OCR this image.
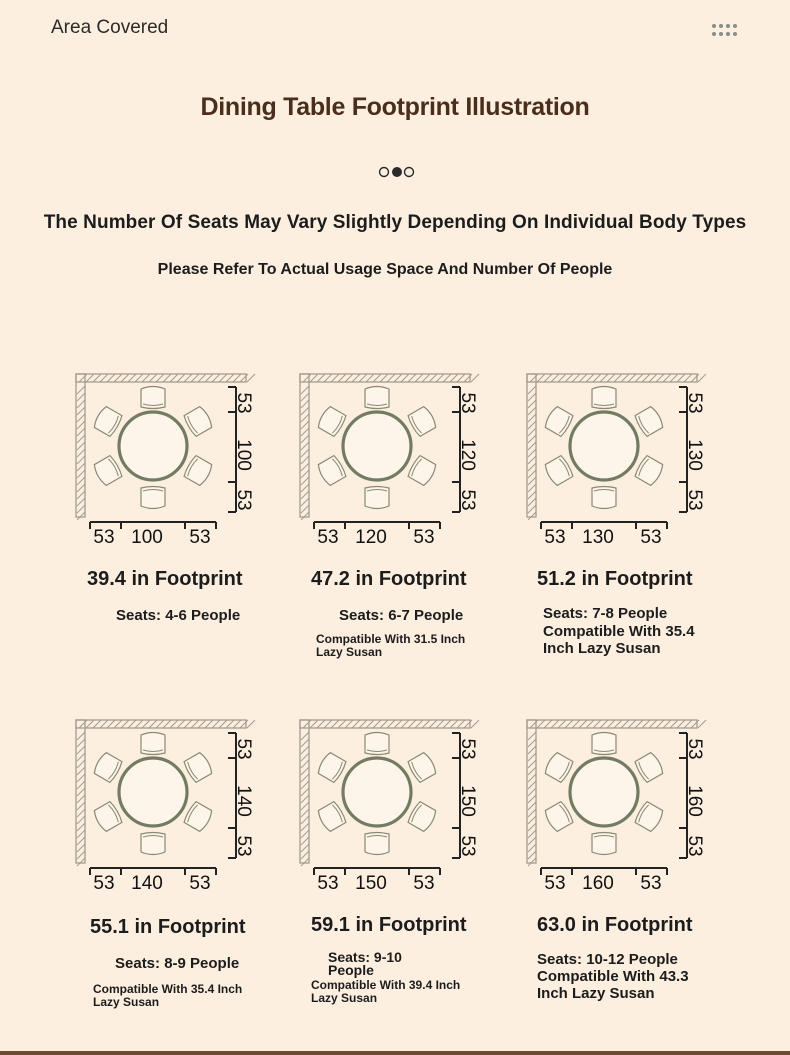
Area Covered
Dining Table Footprint Illustration
The Number Of Seats May Vary Slightly Depending On Individual Body Types
Please Refer To Actual Usage Space And Number Of People
53
100
53
53 100 53
39.4 in Footprint
Seats: 4-6 People
53
120
53
53 120 53
47.2 in Footprint
Seats: 6-7 People
Compatible With 31.5 Inch Lazy Susan
53
130
53
53 130 53
51.2 in Footprint
Seats: 7-8 People
Compatible With 35.4 Inch Lazy Susan
53
140
53
53 140 53
55.1 in Footprint
Seats: 8-9 People
Compatible With 35.4 Inch Lazy Susan
53
150
53
53 150 53
59.1 in Footprint
Seats: 9-10 People
Compatible With 39.4 Inch Lazy Susan
53
160
53
53 160 53
63.0 in Footprint
Seats: 10-12 People
Compatible With 43.3 Inch Lazy Susan
